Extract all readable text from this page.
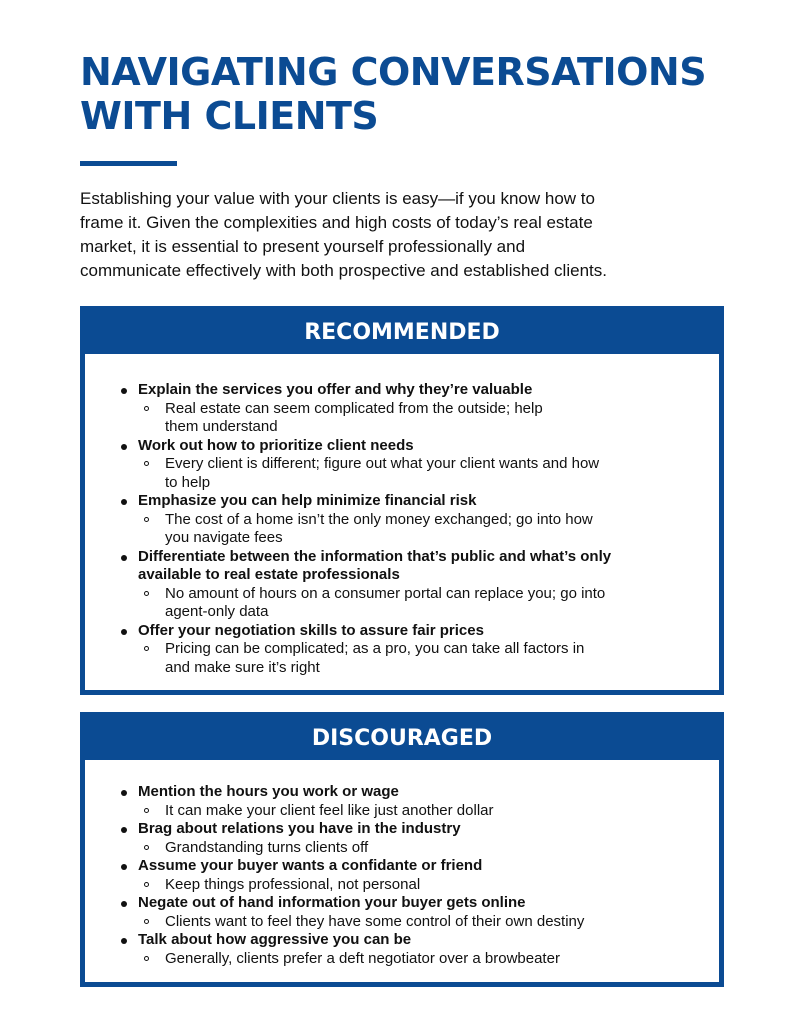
NAVIGATING CONVERSATIONS
WITH CLIENTS

Establishing your value with your clients is easy—if you know how to
frame it. Given the complexities and high costs of today’s real estate
market, it is essential to present yourself professionally and
communicate effectively with both prospective and established clients.

RECOMMENDED
Explain the services you offer and why they’re valuable
Real estate can seem complicated from the outside; help
them understand
Work out how to prioritize client needs
Every client is different; figure out what your client wants and how
to help
Emphasize you can help minimize financial risk
The cost of a home isn’t the only money exchanged; go into how
you navigate fees
Differentiate between the information that’s public and what’s only
available to real estate professionals
No amount of hours on a consumer portal can replace you; go into
agent-only data
Offer your negotiation skills to assure fair prices
Pricing can be complicated; as a pro, you can take all factors in
and make sure it’s right
DISCOURAGED
Mention the hours you work or wage
It can make your client feel like just another dollar
Brag about relations you have in the industry
Grandstanding turns clients off
Assume your buyer wants a confidante or friend
Keep things professional, not personal
Negate out of hand information your buyer gets online
Clients want to feel they have some control of their own destiny
Talk about how aggressive you can be
Generally, clients prefer a deft negotiator over a browbeater
